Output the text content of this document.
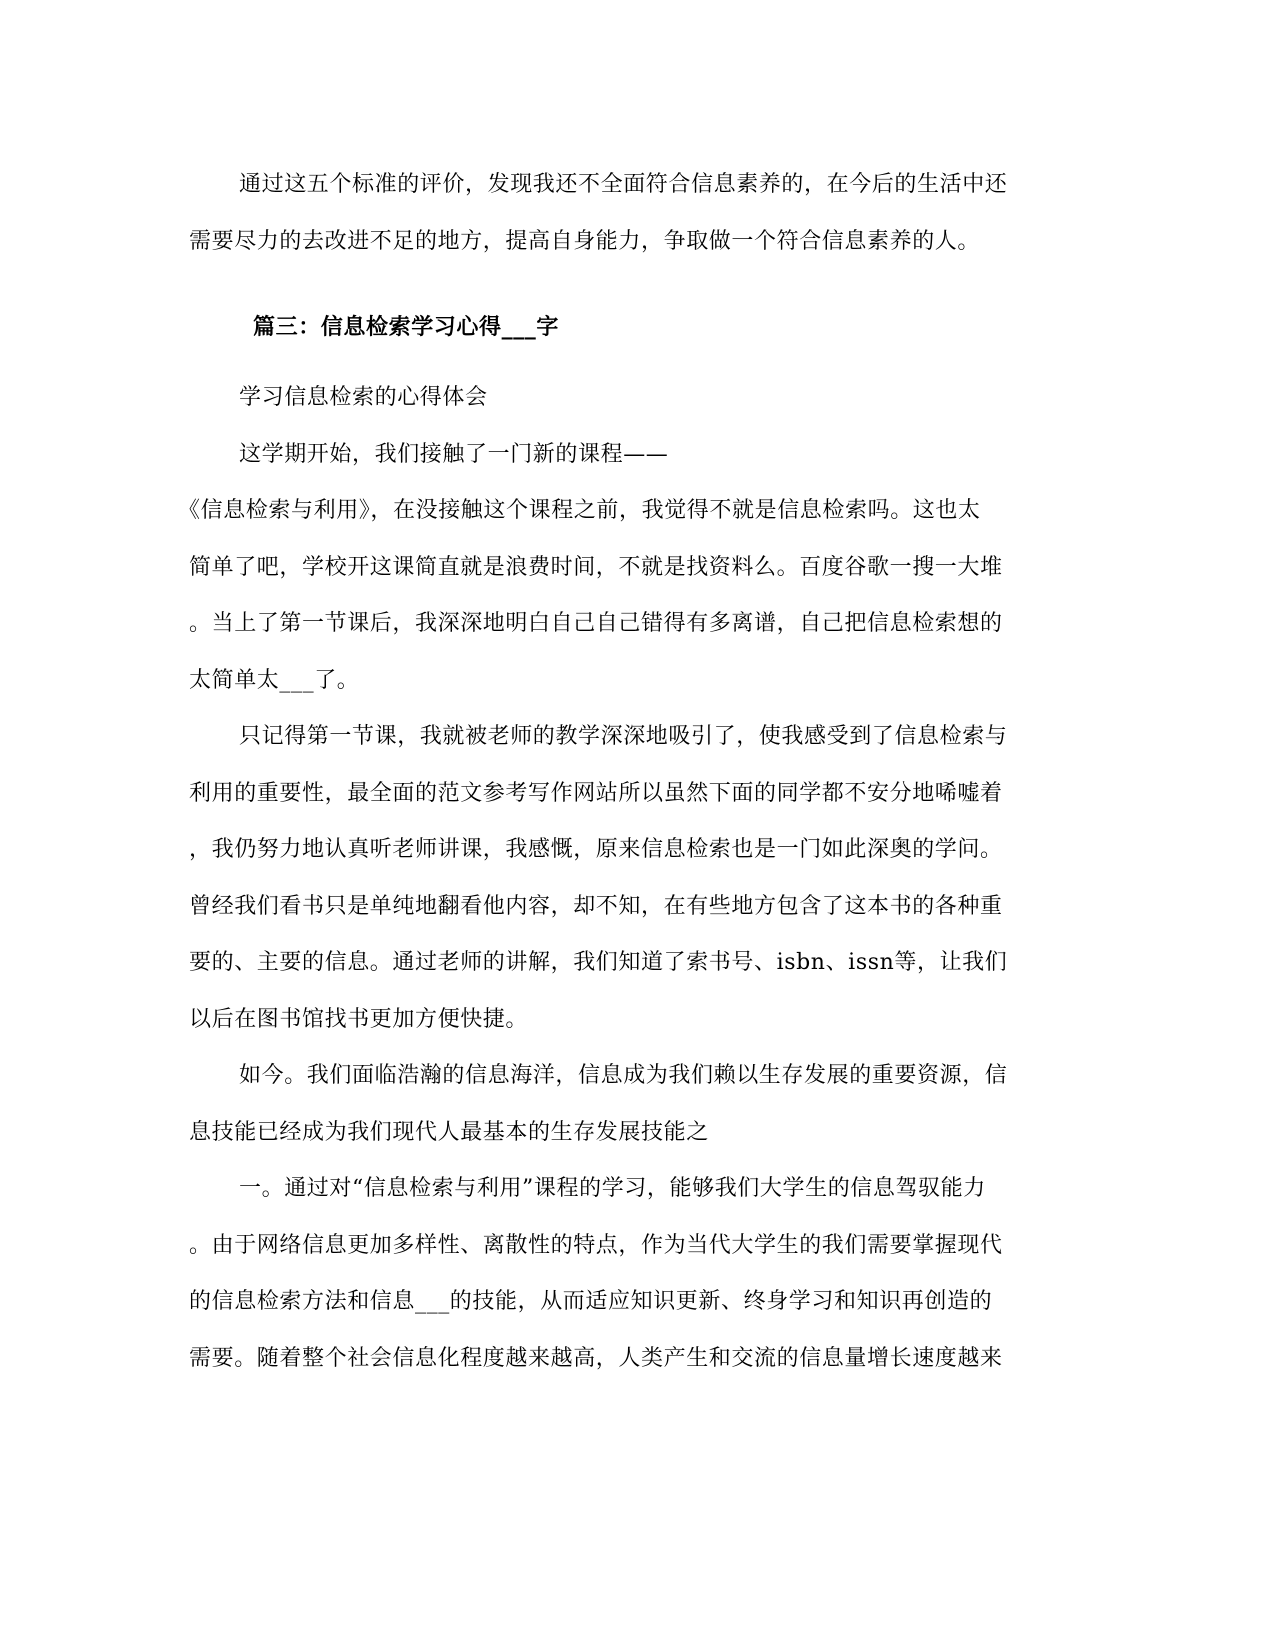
通过这五个标准的评价，发现我还不全面符合信息素养的，在今后的生活中还
需要尽力的去改进不足的地方，提高自身能力，争取做一个符合信息素养的人。
篇三：信息检索学习心得___字
学习信息检索的心得体会
这学期开始，我们接触了一门新的课程——
《信息检索与利用》，在没接触这个课程之前，我觉得不就是信息检索吗。这也太
简单了吧，学校开这课简直就是浪费时间，不就是找资料么。百度谷歌一搜一大堆
。当上了第一节课后，我深深地明白自己自己错得有多离谱，自己把信息检索想的
太简单太___了。
只记得第一节课，我就被老师的教学深深地吸引了，使我感受到了信息检索与
利用的重要性，最全面的范文参考写作网站所以虽然下面的同学都不安分地唏嘘着
，我仍努力地认真听老师讲课，我感慨，原来信息检索也是一门如此深奥的学问。
曾经我们看书只是单纯地翻看他内容，却不知，在有些地方包含了这本书的各种重
要的、主要的信息。通过老师的讲解，我们知道了索书号、isbn、issn等，让我们
以后在图书馆找书更加方便快捷。
如今。我们面临浩瀚的信息海洋，信息成为我们赖以生存发展的重要资源，信
息技能已经成为我们现代人最基本的生存发展技能之
一。通过对“信息检索与利用”课程的学习，能够我们大学生的信息驾驭能力
。由于网络信息更加多样性、离散性的特点，作为当代大学生的我们需要掌握现代
的信息检索方法和信息___的技能，从而适应知识更新、终身学习和知识再创造的
需要。随着整个社会信息化程度越来越高，人类产生和交流的信息量增长速度越来
